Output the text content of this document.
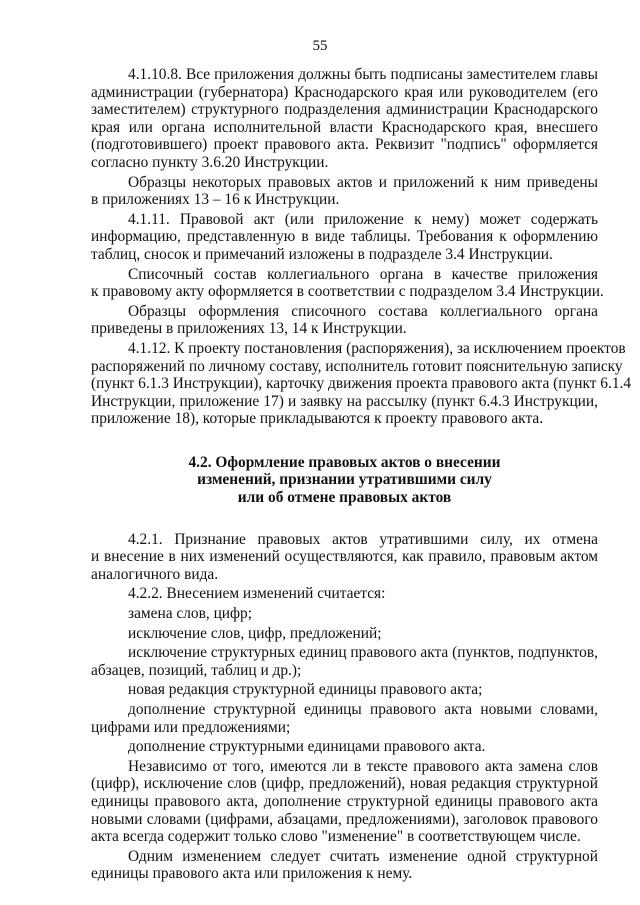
55
4.1.10.8. Все приложения должны быть подписаны заместителем главы
администрации (губернатора) Краснодарского края или руководителем (его
заместителем) структурного подразделения администрации Краснодарского
края или органа исполнительной власти Краснодарского края, внесшего
(подготовившего) проект правового акта. Реквизит "подпись" оформляется
согласно пункту 3.6.20 Инструкции.
Образцы некоторых правовых актов и приложений к ним приведены
в приложениях 13 – 16 к Инструкции.
4.1.11. Правовой акт (или приложение к нему) может содержать
информацию, представленную в виде таблицы. Требования к оформлению
таблиц, сносок и примечаний изложены в подразделе 3.4 Инструкции.
Списочный состав коллегиального органа в качестве приложения
к правовому акту оформляется в соответствии с подразделом 3.4 Инструкции.
Образцы оформления списочного состава коллегиального органа
приведены в приложениях 13, 14 к Инструкции.
4.1.12. К проекту постановления (распоряжения), за исключением проектов
распоряжений по личному составу, исполнитель готовит пояснительную записку
(пункт 6.1.3 Инструкции), карточку движения проекта правового акта (пункт 6.1.4
Инструкции, приложение 17) и заявку на рассылку (пункт 6.4.3 Инструкции,
приложение 18), которые прикладываются к проекту правового акта.
4.2. Оформление правовых актов о внесении
изменений, признании утратившими силу
или об отмене правовых актов
4.2.1. Признание правовых актов утратившими силу, их отмена
и внесение в них изменений осуществляются, как правило, правовым актом
аналогичного вида.
4.2.2. Внесением изменений считается:
замена слов, цифр;
исключение слов, цифр, предложений;
исключение структурных единиц правового акта (пунктов, подпунктов,
абзацев, позиций, таблиц и др.);
новая редакция структурной единицы правового акта;
дополнение структурной единицы правового акта новыми словами,
цифрами или предложениями;
дополнение структурными единицами правового акта.
Независимо от того, имеются ли в тексте правового акта замена слов
(цифр), исключение слов (цифр, предложений), новая редакция структурной
единицы правового акта, дополнение структурной единицы правового акта
новыми словами (цифрами, абзацами, предложениями), заголовок правового
акта всегда содержит только слово "изменение" в соответствующем числе.
Одним изменением следует считать изменение одной структурной
единицы правового акта или приложения к нему.
